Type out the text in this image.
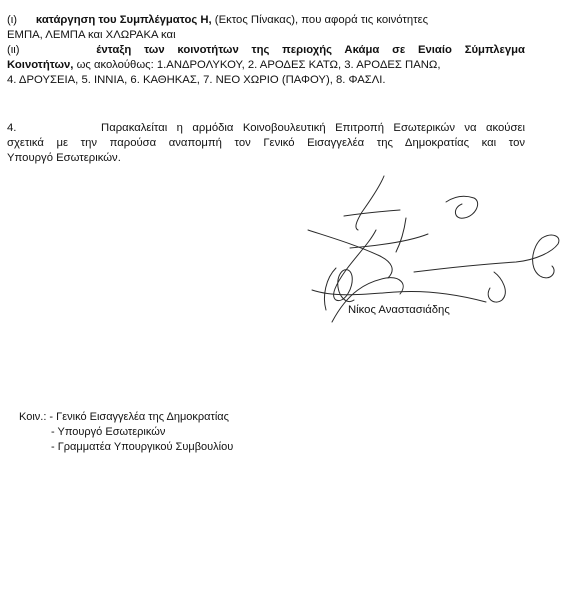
(ι) κατάργηση του Συμπλέγματος Η, (Εκτος Πίνακας), που αφορά τις κοινότητες
ΕΜΠΑ, ΛΕΜΠΑ και ΧΛΩΡΑΚΑ και
(ιι)	ένταξη των κοινοτήτων της περιοχής Ακάμα σε Ενιαίο Σύμπλεγμα
Κοινοτήτων, ως ακολούθως: 1.ΑΝΔΡΟΛΥΚΟΥ, 2. ΑΡΟΔΕΣ ΚΑΤΩ, 3. ΑΡΟΔΕΣ ΠΑΝΩ,
4. ΔΡΟΥΣΕΙΑ, 5. ΙΝΝΙΑ, 6. ΚΑΘΗΚΑΣ, 7. ΝΕΟ ΧΩΡΙΟ (ΠΑΦΟΥ), 8. ΦΑΣΛΙ.
4.	Παρακαλείται η αρμόδια Κοινοβουλευτική Επιτροπή Εσωτερικών να ακούσει
σχετικά με την παρούσα αναπομπή τον Γενικό Εισαγγελέα της Δημοκρατίας και τον
Υπουργό Εσωτερικών.
Νίκος Αναστασιάδης
Κοιν.: - Γενικό Εισαγγελέα της Δημοκρατίας
- Υπουργό Εσωτερικών
- Γραμματέα Υπουργικού Συμβουλίου
